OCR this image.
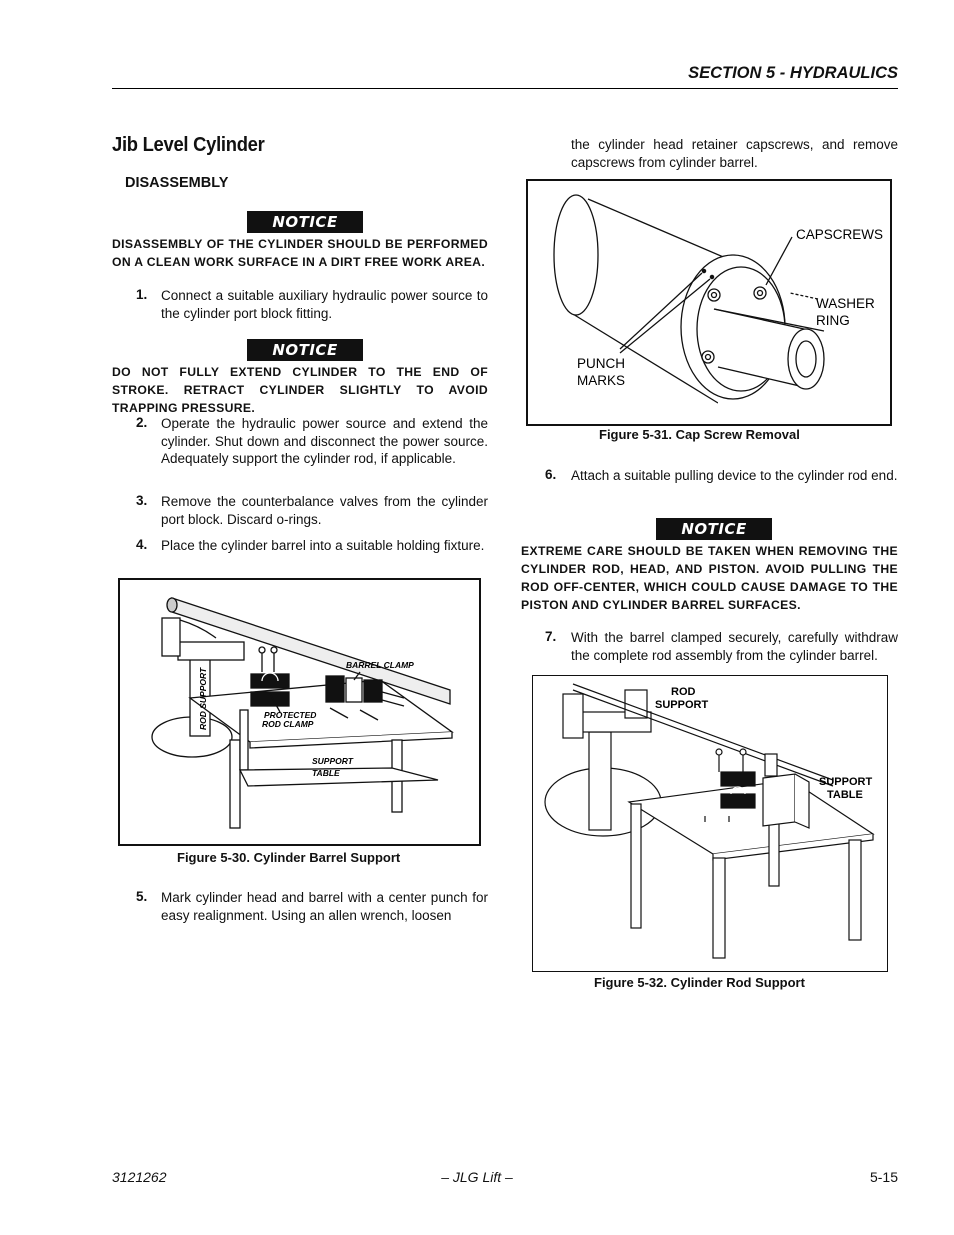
SECTION 5 - HYDRAULICS
Jib Level Cylinder
DISASSEMBLY
NOTICE
DISASSEMBLY OF THE CYLINDER SHOULD BE PERFORMED ON A CLEAN WORK SURFACE IN A DIRT FREE WORK AREA.
1. Connect a suitable auxiliary hydraulic power source to the cylinder port block fitting.
NOTICE
DO NOT FULLY EXTEND CYLINDER TO THE END OF STROKE. RETRACT CYLINDER SLIGHTLY TO AVOID TRAPPING PRESSURE.
2. Operate the hydraulic power source and extend the cylinder. Shut down and disconnect the power source. Adequately support the cylinder rod, if applicable.
3. Remove the counterbalance valves from the cylinder port block. Discard o-rings.
4. Place the cylinder barrel into a suitable holding fixture.
ROD SUPPORT
BARREL CLAMP
PROTECTED
ROD CLAMP
SUPPORT
TABLE
Figure 5-30. Cylinder Barrel Support
5. Mark cylinder head and barrel with a center punch for easy realignment. Using an allen wrench, loosen
the cylinder head retainer capscrews, and remove capscrews from cylinder barrel.
CAPSCREWS
WASHER
RING
PUNCH
MARKS
Figure 5-31. Cap Screw Removal
6. Attach a suitable pulling device to the cylinder rod end.
NOTICE
EXTREME CARE SHOULD BE TAKEN WHEN REMOVING THE CYLINDER ROD, HEAD, AND PISTON. AVOID PULLING THE ROD OFF-CENTER, WHICH COULD CAUSE DAMAGE TO THE PISTON AND CYLINDER BARREL SURFACES.
7. With the barrel clamped securely, carefully withdraw the complete rod assembly from the cylinder barrel.
ROD
SUPPORT
SUPPORT
TABLE
Figure 5-32. Cylinder Rod Support
3121262	– JLG Lift –	5-15
